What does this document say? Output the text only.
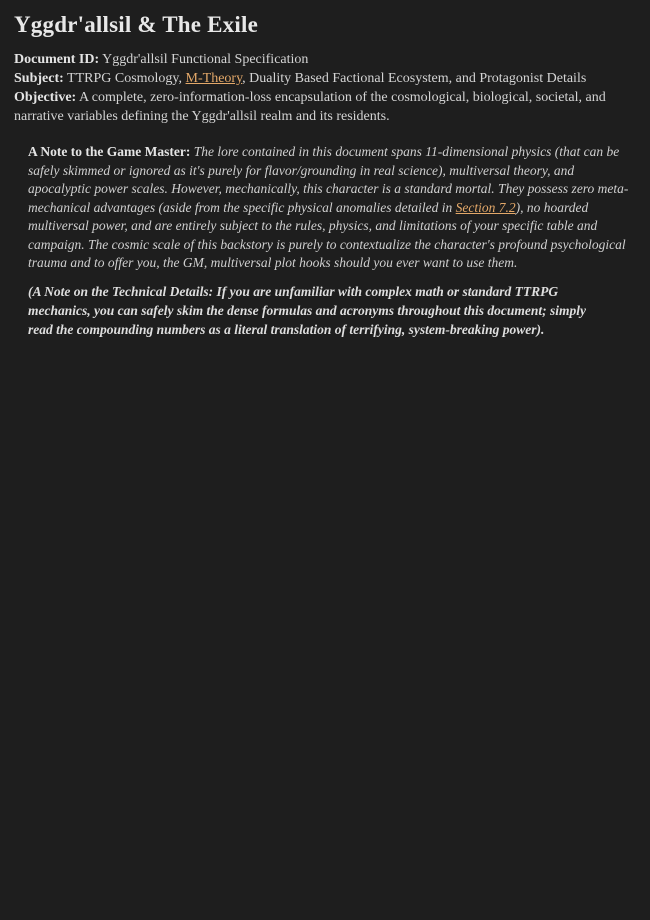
Yggdr'allsil & The Exile

Document ID: Yggdr'allsil Functional Specification

Subject: TTRPG Cosmology, M-Theory, Duality Based Factional Ecosystem, and Protagonist Details

Objective: A complete, zero-information-loss encapsulation of the cosmological, biological, societal, and narrative variables defining the Yggdr'allsil realm and its residents.

A Note to the Game Master: The lore contained in this document spans 11-dimensional physics (that can be safely skimmed or ignored as it's purely for flavor/grounding in real science), multiversal theory, and apocalyptic power scales. However, mechanically, this character is a standard mortal. They possess zero meta-mechanical advantages (aside from the specific physical anomalies detailed in Section 7.2), no hoarded multiversal power, and are entirely subject to the rules, physics, and limitations of your specific table and campaign. The cosmic scale of this backstory is purely to contextualize the character's profound psychological trauma and to offer you, the GM, multiversal plot hooks should you ever want to use them.
(A Note on the Technical Details: If you are unfamiliar with complex math or standard TTRPG mechanics, you can safely skim the dense formulas and acronyms throughout this document; simply read the compounding numbers as a literal translation of terrifying, system-breaking power).
